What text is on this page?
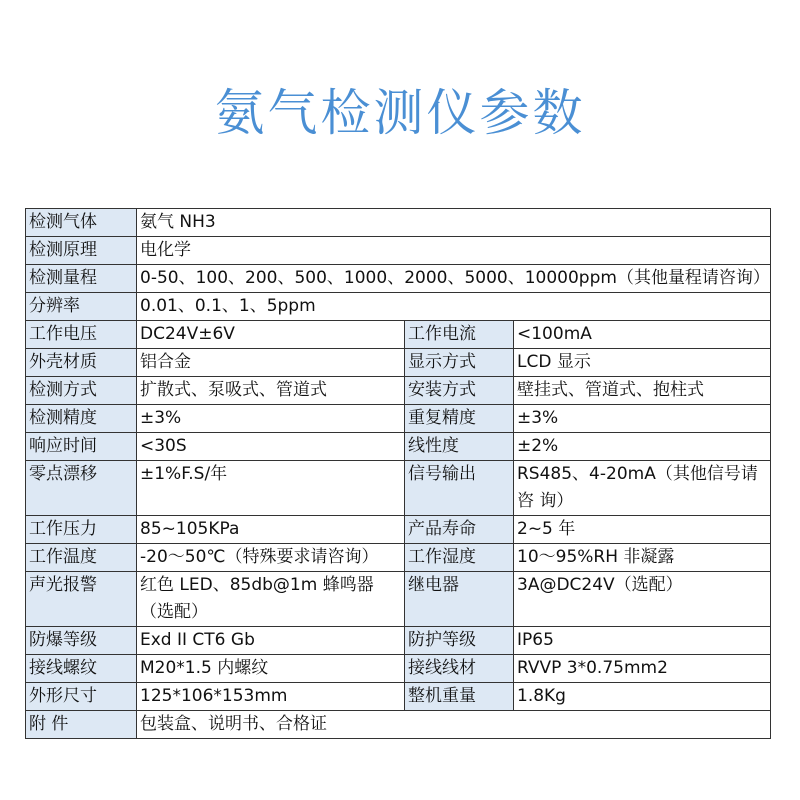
氨气检测仪参数
检测气体	氨气 NH3		
检测原理	电化学		
检测量程	0-50、100、200、500、1000、2000、5000、10000ppm（其他量程请咨询）		
分辨率	0.01、0.1、1、5ppm		
工作电压	DC24V±6V	工作电流	<100mA
外壳材质	铝合金	显示方式	LCD 显示
检测方式	扩散式、泵吸式、管道式	安装方式	壁挂式、管道式、抱柱式
检测精度	±3%	重复精度	±3%
响应时间	<30S	线性度	±2%
零点漂移	±1%F.S/年	信号输出	RS485、4-20mA（其他信号请咨 询）
工作压力	85~105KPa	产品寿命	2~5 年
工作温度	-20～50℃（特殊要求请咨询）	工作湿度	10～95%RH 非凝露
声光报警	红色 LED、85db@1m 蜂鸣器（选配）	继电器	3A@DC24V（选配）
防爆等级	Exd II CT6 Gb	防护等级	IP65
接线螺纹	M20*1.5 内螺纹	接线线材	RVVP 3*0.75mm2
外形尺寸	125*106*153mm	整机重量	1.8Kg
附 件	包装盒、说明书、合格证		
